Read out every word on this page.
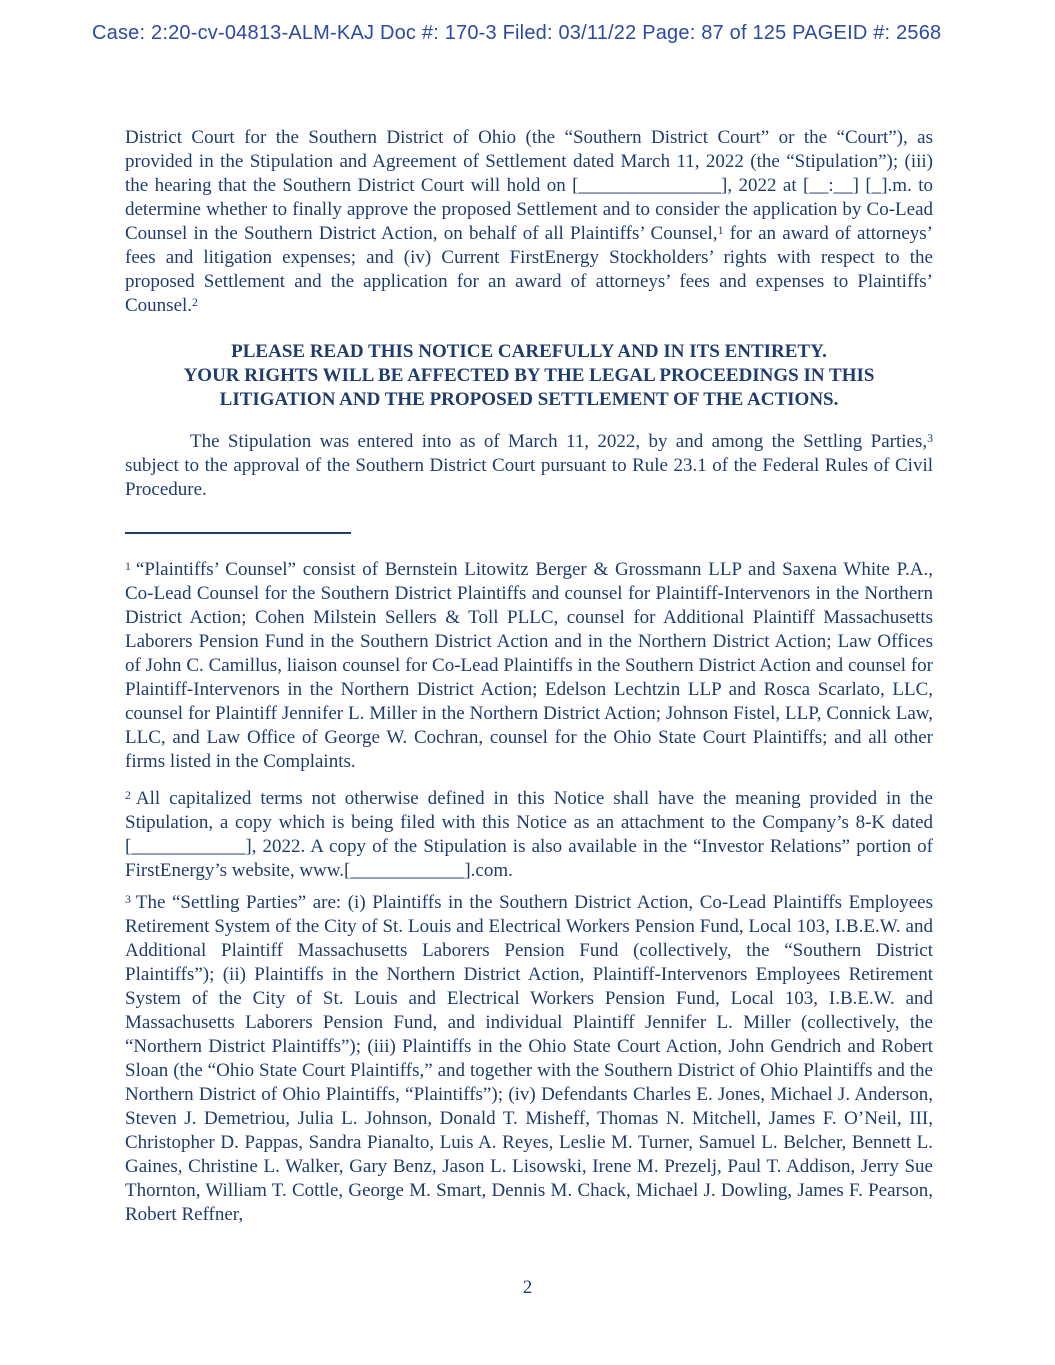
Case: 2:20-cv-04813-ALM-KAJ Doc #: 170-3 Filed: 03/11/22 Page: 87 of 125 PAGEID #: 2568

District Court for the Southern District of Ohio (the “Southern District Court” or the “Court”), as provided in the Stipulation and Agreement of Settlement dated March 11, 2022 (the “Stipulation”); (iii) the hearing that the Southern District Court will hold on [_______________], 2022 at [__:__] [_].m. to determine whether to finally approve the proposed Settlement and to consider the application by Co-Lead Counsel in the Southern District Action, on behalf of all Plaintiffs’ Counsel,$^1$ for an award of attorneys’ fees and litigation expenses; and (iv) Current FirstEnergy Stockholders’ rights with respect to the proposed Settlement and the application for an award of attorneys’ fees and expenses to Plaintiffs’ Counsel.$^2$

PLEASE READ THIS NOTICE CAREFULLY AND IN ITS ENTIRETY.
YOUR RIGHTS WILL BE AFFECTED BY THE LEGAL PROCEEDINGS IN THIS
LITIGATION AND THE PROPOSED SETTLEMENT OF THE ACTIONS.

The Stipulation was entered into as of March 11, 2022, by and among the Settling Parties,$^3$ subject to the approval of the Southern District Court pursuant to Rule 23.1 of the Federal Rules of Civil Procedure.

$^1$ “Plaintiffs’ Counsel” consist of Bernstein Litowitz Berger & Grossmann LLP and Saxena White P.A., Co-Lead Counsel for the Southern District Plaintiffs and counsel for Plaintiff-Intervenors in the Northern District Action; Cohen Milstein Sellers & Toll PLLC, counsel for Additional Plaintiff Massachusetts Laborers Pension Fund in the Southern District Action and in the Northern District Action; Law Offices of John C. Camillus, liaison counsel for Co-Lead Plaintiffs in the Southern District Action and counsel for Plaintiff-Intervenors in the Northern District Action; Edelson Lechtzin LLP and Rosca Scarlato, LLC, counsel for Plaintiff Jennifer L. Miller in the Northern District Action; Johnson Fistel, LLP, Connick Law, LLC, and Law Office of George W. Cochran, counsel for the Ohio State Court Plaintiffs; and all other firms listed in the Complaints.

$^2$ All capitalized terms not otherwise defined in this Notice shall have the meaning provided in the Stipulation, a copy which is being filed with this Notice as an attachment to the Company’s 8-K dated [____________], 2022. A copy of the Stipulation is also available in the “Investor Relations” portion of FirstEnergy’s website, www.[____________].com.

$^3$ The “Settling Parties” are: (i) Plaintiffs in the Southern District Action, Co-Lead Plaintiffs Employees Retirement System of the City of St. Louis and Electrical Workers Pension Fund, Local 103, I.B.E.W. and Additional Plaintiff Massachusetts Laborers Pension Fund (collectively, the “Southern District Plaintiffs”); (ii) Plaintiffs in the Northern District Action, Plaintiff-Intervenors Employees Retirement System of the City of St. Louis and Electrical Workers Pension Fund, Local 103, I.B.E.W. and Massachusetts Laborers Pension Fund, and individual Plaintiff Jennifer L. Miller (collectively, the “Northern District Plaintiffs”); (iii) Plaintiffs in the Ohio State Court Action, John Gendrich and Robert Sloan (the “Ohio State Court Plaintiffs,” and together with the Southern District of Ohio Plaintiffs and the Northern District of Ohio Plaintiffs, “Plaintiffs”); (iv) Defendants Charles E. Jones, Michael J. Anderson, Steven J. Demetriou, Julia L. Johnson, Donald T. Misheff, Thomas N. Mitchell, James F. O’Neil, III, Christopher D. Pappas, Sandra Pianalto, Luis A. Reyes, Leslie M. Turner, Samuel L. Belcher, Bennett L. Gaines, Christine L. Walker, Gary Benz, Jason L. Lisowski, Irene M. Prezelj, Paul T. Addison, Jerry Sue Thornton, William T. Cottle, George M. Smart, Dennis M. Chack, Michael J. Dowling, James F. Pearson, Robert Reffner,

2
